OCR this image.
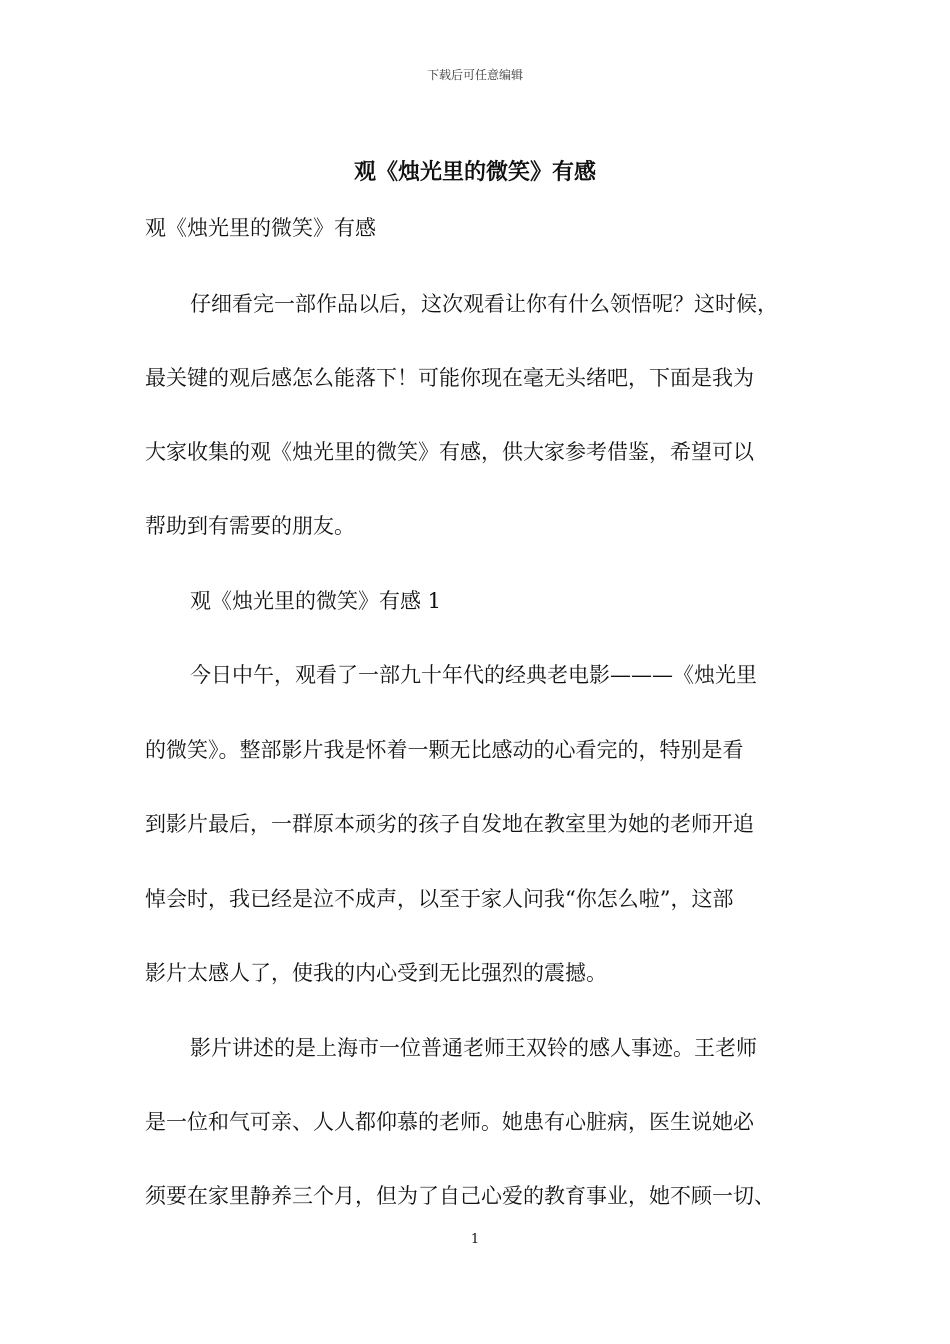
下载后可任意编辑
观《烛光里的微笑》有感
观《烛光里的微笑》有感
仔细看完一部作品以后，这次观看让你有什么领悟呢？这时候，
最关键的观后感怎么能落下！可能你现在毫无头绪吧，下面是我为
大家收集的观《烛光里的微笑》有感，供大家参考借鉴，希望可以
帮助到有需要的朋友。
观《烛光里的微笑》有感 1
今日中午，观看了一部九十年代的经典老电影———《烛光里
的微笑》。整部影片我是怀着一颗无比感动的心看完的，特别是看
到影片最后，一群原本顽劣的孩子自发地在教室里为她的老师开追
悼会时，我已经是泣不成声，以至于家人问我“你怎么啦”，这部
影片太感人了，使我的内心受到无比强烈的震撼。
影片讲述的是上海市一位普通老师王双铃的感人事迹。王老师
是一位和气可亲、人人都仰慕的老师。她患有心脏病，医生说她必
须要在家里静养三个月，但为了自己心爱的教育事业，她不顾一切、
1
